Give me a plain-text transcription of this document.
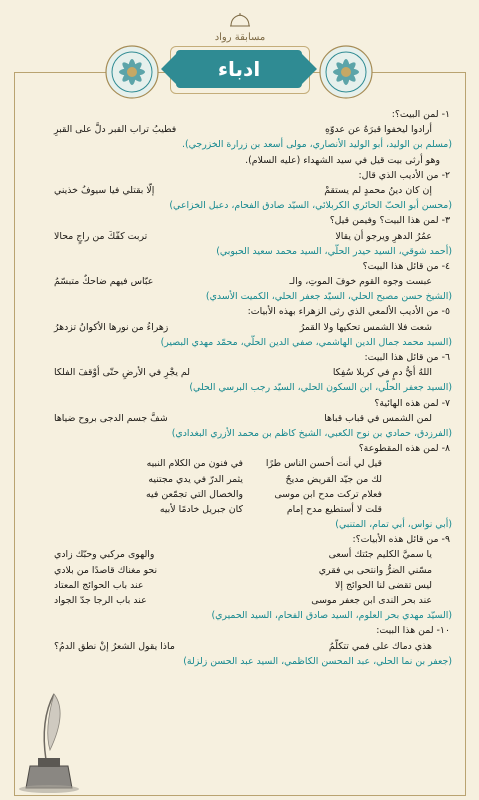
مسابقة رواد
ادباء
١- لمن البيت؟:
أرادوا ليخفوا قبرَهُ عن عدوّهِ
فطيبُ تراب القبر دلَّ على القبرِ
(مسلم بن الوليد، أبو الوليد الأنصاري، مولى أسعد بن زرارة الخزرجي).
وهو أرثى بيت قيل في سيد الشهداء (عليه السلام).
٢- من الأديب الذي قال:
إن كان دينُ محمدٍ لم يستقمْ
إلّا بقتلي فيا سيوفُ خذيني
(محسن أبو الحبّ الحائري الكربلائي، السيّد صادق الفحام، دعبل الخزاعي)
٣- لمن هذا البيت؟ وفيمن قيل؟
عمُرُ الدهرِ ويرجو أن يقالا
تربت كفّكَ من راجٍ محالا
(أحمد شوقي، السيد حيدر الحلّي، السيد محمد سعيد الحبوبي)
٤- من قائل هذا البيت؟
عبست وجوه القوم خوفَ الموتِ، والـ
عبّاس فيهم ضاحكٌ متبسّمُ
(الشيخ حسن مصبح الحلي، السيّد جعفر الحلي، الكميت الأسدي)
٥- من الأديب الألمعي الذي رثى الزهراء بهذه الأبيات:
شعت فلا الشمس تحكيها ولا القمرُ
زهراءُ من نورها الأكوانُ تزدهرُ
(السيد محمد جمال الدين الهاشمي، صفي الدين الحلّي، محمّد مهدي البصير)
٦- من قائل هذا البيت:
اللهُ أيُّ دمٍ في كربلا سُفِكا
لم يجْرِ في الأرضِ حتّى أوْقفَ الفلكا
(السيد جعفر الحلّي، ابن السكون الحلي، السيّد رجب البرسي الحلي)
٧- لمن هذه الهائية؟
لمن الشمس في قباب قباها
شفَّ جسم الدجى بروح ضياها
(الفرزدق، حمادي بن نوح الكعبي، الشيخ كاظم بن محمد الأزري البغدادي)
٨- لمن هذه المقطوعة؟
قيل لي أنت أحسن الناس طرًا
في فنون من الكلام النبيه
لك من جيّد القريض مديحٌ
يثمر الدرّ في يدي مجتنيه
فعلام تركت مدح ابن موسى
والخصال التي تجمّعن فيه
قلت لا أستطيع مدح إمام
كان جبريل خادمًا لأبيه
(أبي نواس، أبي تمام، المتنبي)
٩- من قائل هذه الأبيات؟:
يا سميَّ الكليم جئتك أسعى
والهوى مركبي وحبّك زادي
مسّني الضرُّ وانتحى بي فقري
نحو مغناك قاصدًا من بلادي
ليس تقضى لنا الحوائج إلا
عند باب الحوائج المعتاد
عند بحر الندى ابن جعفر موسى
عند باب الرجا جدّ الجواد
(السيّد مهدي بحر العلوم، السيد صادق الفحام، السيد الحميري)
١٠- لمن هذا البيت:
هذي دماك على فمي تتكلّمُ
ماذا يقول الشعرُ إنْ نطق الدمُ؟
(جعفر بن نما الحلي، عبد المحسن الكاظمي، السيد عبد الحسن زلزلة)
